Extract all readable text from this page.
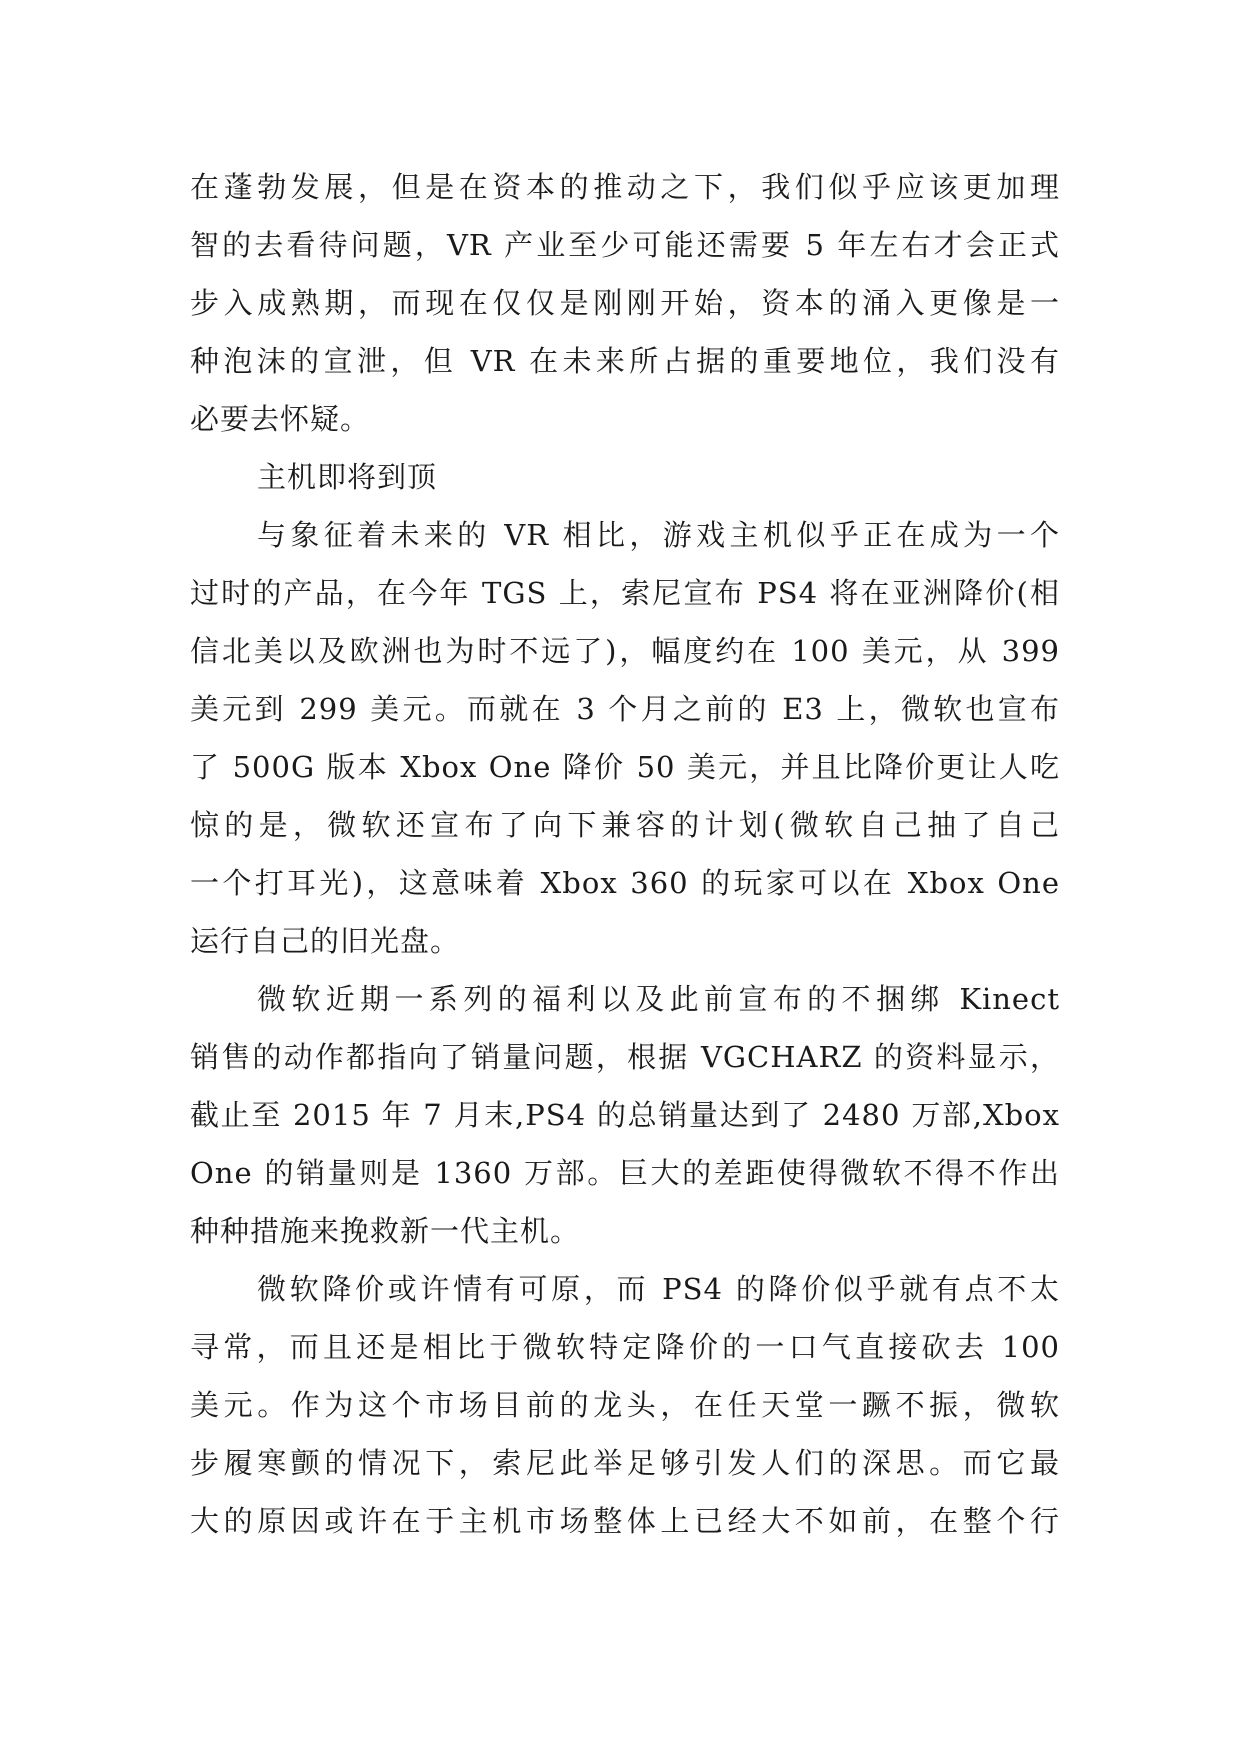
在蓬勃发展，但是在资本的推动之下，我们似乎应该更加理
智的去看待问题，VR 产业至少可能还需要 5 年左右才会正式
步入成熟期，而现在仅仅是刚刚开始，资本的涌入更像是一
种泡沫的宣泄，但 VR 在未来所占据的重要地位，我们没有
必要去怀疑。
主机即将到顶
与象征着未来的 VR 相比，游戏主机似乎正在成为一个
过时的产品，在今年 TGS 上，索尼宣布 PS4 将在亚洲降价(相
信北美以及欧洲也为时不远了)，幅度约在 100 美元，从 399
美元到 299 美元。而就在 3 个月之前的 E3 上，微软也宣布
了 500G 版本 Xbox One 降价 50 美元，并且比降价更让人吃
惊的是，微软还宣布了向下兼容的计划(微软自己抽了自己
一个打耳光)，这意味着 Xbox 360 的玩家可以在 Xbox One
运行自己的旧光盘。
微软近期一系列的福利以及此前宣布的不捆绑 Kinect
销售的动作都指向了销量问题，根据 VGCHARZ 的资料显示，
截止至 2015 年 7 月末,PS4 的总销量达到了 2480 万部,Xbox
One 的销量则是 1360 万部。巨大的差距使得微软不得不作出
种种措施来挽救新一代主机。
微软降价或许情有可原，而 PS4 的降价似乎就有点不太
寻常，而且还是相比于微软特定降价的一口气直接砍去 100
美元。作为这个市场目前的龙头，在任天堂一蹶不振，微软
步履寒颤的情况下，索尼此举足够引发人们的深思。而它最
大的原因或许在于主机市场整体上已经大不如前，在整个行
